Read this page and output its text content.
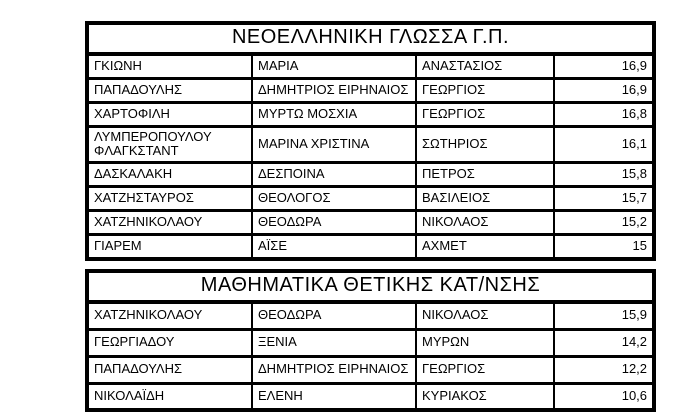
ΝΕΟΕΛΛΗΝΙΚΗ ΓΛΩΣΣΑ Γ.Π.			
ΓΚΙΩΝΗ	ΜΑΡΙΑ	ΑΝΑΣΤΑΣΙΟΣ	16,9
ΠΑΠΑΔΟΥΛΗΣ	ΔΗΜΗΤΡΙΟΣ ΕΙΡΗΝΑΙΟΣ	ΓΕΩΡΓΙΟΣ	16,9
ΧΑΡΤΟΦΙΛΗ	ΜΥΡΤΩ ΜΟΣΧΙΑ	ΓΕΩΡΓΙΟΣ	16,8
ΛΥΜΠΕΡΟΠΟΥΛΟΥ ΦΛΑΓΚΣΤΑΝΤ	ΜΑΡΙΝΑ ΧΡΙΣΤΙΝΑ	ΣΩΤΗΡΙΟΣ	16,1
ΔΑΣΚΑΛΑΚΗ	ΔΕΣΠΟΙΝΑ	ΠΕΤΡΟΣ	15,8
ΧΑΤΖΗΣΤΑΥΡΟΣ	ΘΕΟΛΟΓΟΣ	ΒΑΣΙΛΕΙΟΣ	15,7
ΧΑΤΖΗΝΙΚΟΛΑΟΥ	ΘΕΟΔΩΡΑ	ΝΙΚΟΛΑΟΣ	15,2
ΓΙΑΡΕΜ	ΑΪΣΕ	ΑΧΜΕΤ	15
ΜΑΘΗΜΑΤΙΚΑ ΘΕΤΙΚΗΣ ΚΑΤ/ΝΣΗΣ			
ΧΑΤΖΗΝΙΚΟΛΑΟΥ	ΘΕΟΔΩΡΑ	ΝΙΚΟΛΑΟΣ	15,9
ΓΕΩΡΓΙΑΔΟΥ	ΞΕΝΙΑ	ΜΥΡΩΝ	14,2
ΠΑΠΑΔΟΥΛΗΣ	ΔΗΜΗΤΡΙΟΣ ΕΙΡΗΝΑΙΟΣ	ΓΕΩΡΓΙΟΣ	12,2
ΝΙΚΟΛΑΪΔΗ	ΕΛΕΝΗ	ΚΥΡΙΑΚΟΣ	10,6
